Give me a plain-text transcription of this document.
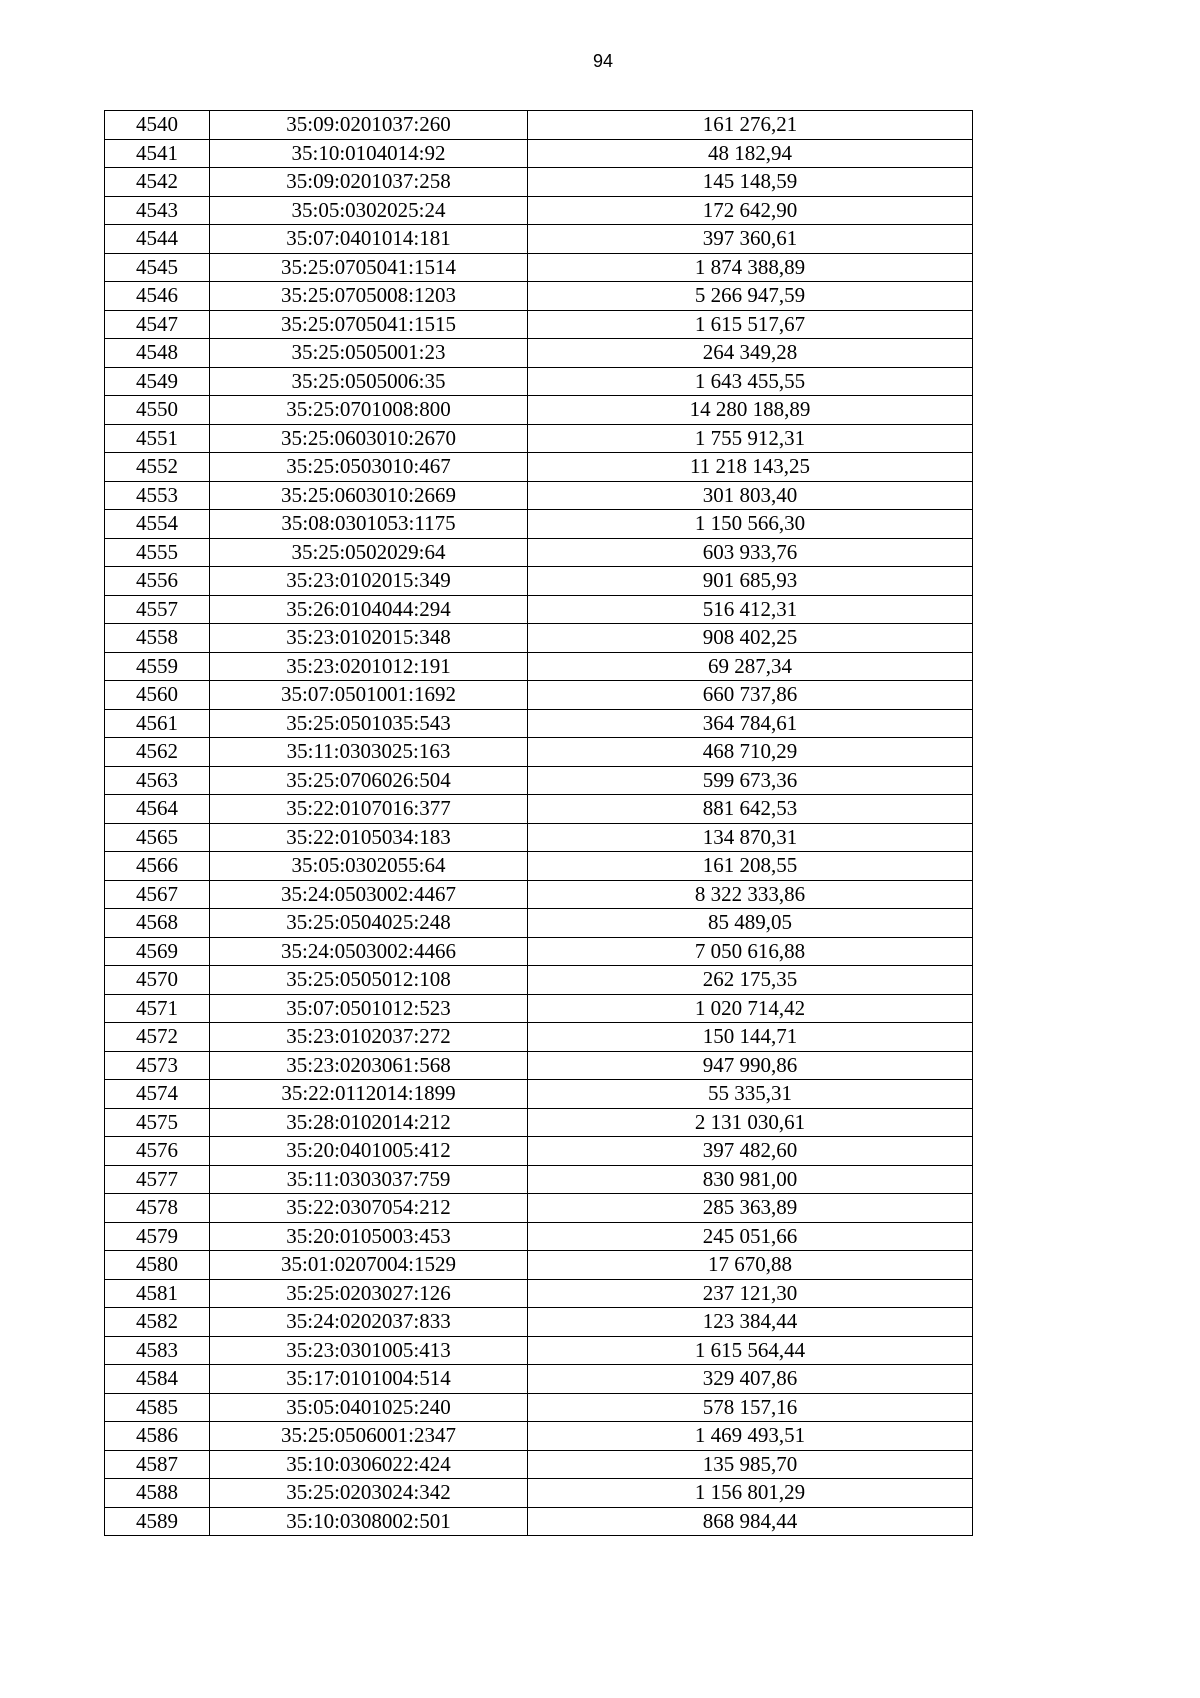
94
4540	35:09:0201037:260	161 276,21
4541	35:10:0104014:92	48 182,94
4542	35:09:0201037:258	145 148,59
4543	35:05:0302025:24	172 642,90
4544	35:07:0401014:181	397 360,61
4545	35:25:0705041:1514	1 874 388,89
4546	35:25:0705008:1203	5 266 947,59
4547	35:25:0705041:1515	1 615 517,67
4548	35:25:0505001:23	264 349,28
4549	35:25:0505006:35	1 643 455,55
4550	35:25:0701008:800	14 280 188,89
4551	35:25:0603010:2670	1 755 912,31
4552	35:25:0503010:467	11 218 143,25
4553	35:25:0603010:2669	301 803,40
4554	35:08:0301053:1175	1 150 566,30
4555	35:25:0502029:64	603 933,76
4556	35:23:0102015:349	901 685,93
4557	35:26:0104044:294	516 412,31
4558	35:23:0102015:348	908 402,25
4559	35:23:0201012:191	69 287,34
4560	35:07:0501001:1692	660 737,86
4561	35:25:0501035:543	364 784,61
4562	35:11:0303025:163	468 710,29
4563	35:25:0706026:504	599 673,36
4564	35:22:0107016:377	881 642,53
4565	35:22:0105034:183	134 870,31
4566	35:05:0302055:64	161 208,55
4567	35:24:0503002:4467	8 322 333,86
4568	35:25:0504025:248	85 489,05
4569	35:24:0503002:4466	7 050 616,88
4570	35:25:0505012:108	262 175,35
4571	35:07:0501012:523	1 020 714,42
4572	35:23:0102037:272	150 144,71
4573	35:23:0203061:568	947 990,86
4574	35:22:0112014:1899	55 335,31
4575	35:28:0102014:212	2 131 030,61
4576	35:20:0401005:412	397 482,60
4577	35:11:0303037:759	830 981,00
4578	35:22:0307054:212	285 363,89
4579	35:20:0105003:453	245 051,66
4580	35:01:0207004:1529	17 670,88
4581	35:25:0203027:126	237 121,30
4582	35:24:0202037:833	123 384,44
4583	35:23:0301005:413	1 615 564,44
4584	35:17:0101004:514	329 407,86
4585	35:05:0401025:240	578 157,16
4586	35:25:0506001:2347	1 469 493,51
4587	35:10:0306022:424	135 985,70
4588	35:25:0203024:342	1 156 801,29
4589	35:10:0308002:501	868 984,44
